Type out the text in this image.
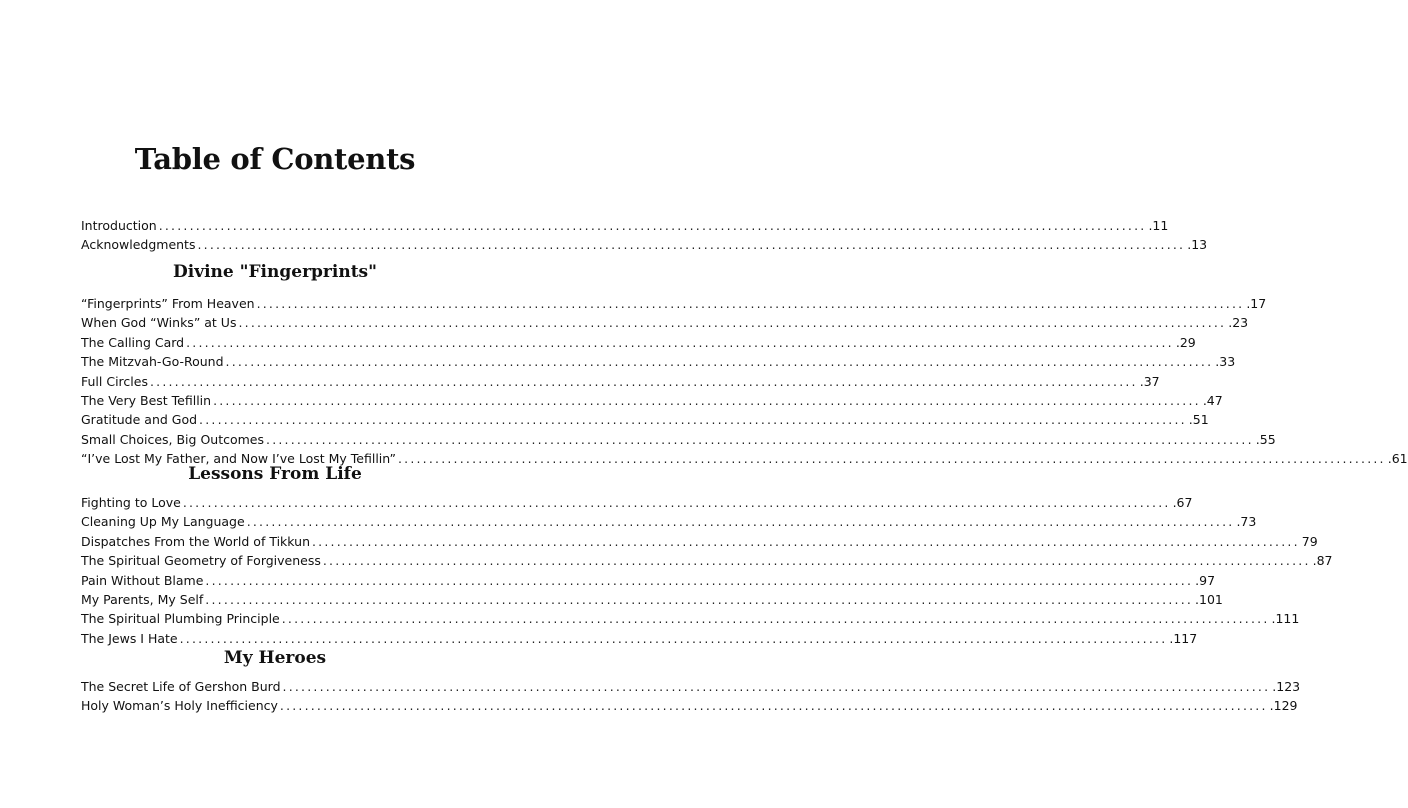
Table of Contents
Introduction ................................................................................................................................................................ .11
Acknowledgments ................................................................................................................................................................ .13
Divine "Fingerprints"
“Fingerprints” From Heaven ................................................................................................................................................................ .17
When God “Winks” at Us ................................................................................................................................................................ .23
The Calling Card ................................................................................................................................................................ .29
The Mitzvah-Go-Round ................................................................................................................................................................ .33
Full Circles ................................................................................................................................................................ .37
The Very Best Tefillin ................................................................................................................................................................ .47
Gratitude and God ................................................................................................................................................................ .51
Small Choices, Big Outcomes ................................................................................................................................................................ .55
“I’ve Lost My Father, and Now I’ve Lost My Tefillin” ................................................................................................................................................................ .61
Lessons From Life
Fighting to Love ................................................................................................................................................................ .67
Cleaning Up My Language ................................................................................................................................................................ .73
Dispatches From the World of Tikkun ................................................................................................................................................................ 79
The Spiritual Geometry of Forgiveness ................................................................................................................................................................ .87
Pain Without Blame ................................................................................................................................................................ .97
My Parents, My Self ................................................................................................................................................................ .101
The Spiritual Plumbing Principle ................................................................................................................................................................ .111
The Jews I Hate ................................................................................................................................................................ .117
My Heroes
The Secret Life of Gershon Burd ................................................................................................................................................................ .123
Holy Woman’s Holy Inefficiency ................................................................................................................................................................ .129
